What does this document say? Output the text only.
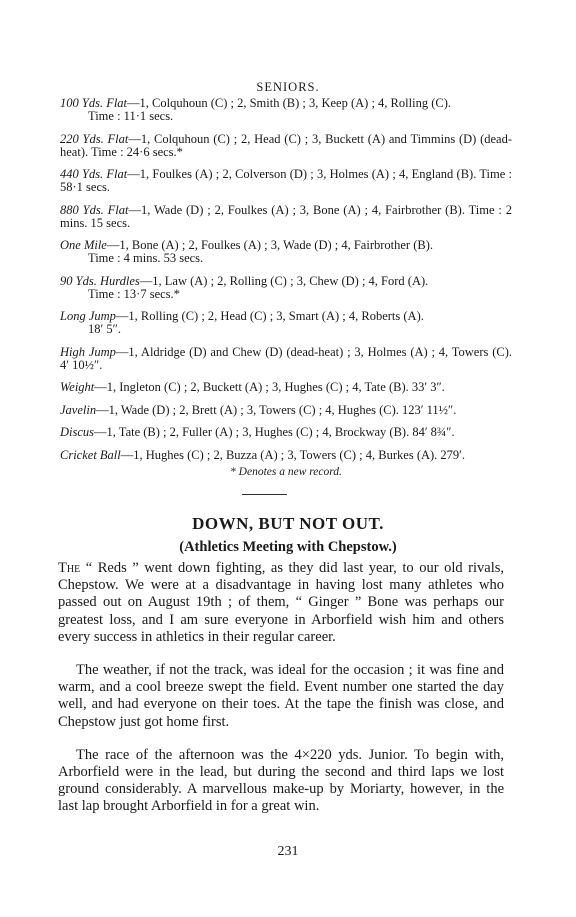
SENIORS.
100 Yds. Flat—1, Colquhoun (C) ; 2, Smith (B) ; 3, Keep (A) ; 4, Rolling (C).
Time : 11·1 secs.
220 Yds. Flat—1, Colquhoun (C) ; 2, Head (C) ; 3, Buckett (A) and Timmins (D) (dead-heat). Time : 24·6 secs.*
440 Yds. Flat—1, Foulkes (A) ; 2, Colverson (D) ; 3, Holmes (A) ; 4, England (B). Time : 58·1 secs.
880 Yds. Flat—1, Wade (D) ; 2, Foulkes (A) ; 3, Bone (A) ; 4, Fairbrother (B). Time : 2 mins. 15 secs.
One Mile—1, Bone (A) ; 2, Foulkes (A) ; 3, Wade (D) ; 4, Fairbrother (B).
Time : 4 mins. 53 secs.
90 Yds. Hurdles—1, Law (A) ; 2, Rolling (C) ; 3, Chew (D) ; 4, Ford (A).
Time : 13·7 secs.*
Long Jump—1, Rolling (C) ; 2, Head (C) ; 3, Smart (A) ; 4, Roberts (A).
18′ 5″.
High Jump—1, Aldridge (D) and Chew (D) (dead-heat) ; 3, Holmes (A) ; 4, Towers (C). 4′ 10½″.
Weight—1, Ingleton (C) ; 2, Buckett (A) ; 3, Hughes (C) ; 4, Tate (B). 33′ 3″.
Javelin—1, Wade (D) ; 2, Brett (A) ; 3, Towers (C) ; 4, Hughes (C). 123′ 11½″.
Discus—1, Tate (B) ; 2, Fuller (A) ; 3, Hughes (C) ; 4, Brockway (B). 84′ 8¾″.
Cricket Ball—1, Hughes (C) ; 2, Buzza (A) ; 3, Towers (C) ; 4, Burkes (A). 279′.
* Denotes a new record.
DOWN, BUT NOT OUT.
(Athletics Meeting with Chepstow.)

The “ Reds ” went down fighting, as they did last year, to our old rivals, Chepstow. We were at a disadvantage in having lost many athletes who passed out on August 19th ; of them, “ Ginger ” Bone was perhaps our greatest loss, and I am sure everyone in Arborfield wish him and others every success in athletics in their regular career.

The weather, if not the track, was ideal for the occasion ; it was fine and warm, and a cool breeze swept the field. Event number one started the day well, and had everyone on their toes. At the tape the finish was close, and Chepstow just got home first.

The race of the afternoon was the 4×220 yds. Junior. To begin with, Arborfield were in the lead, but during the second and third laps we lost ground considerably. A marvellous make-up by Moriarty, however, in the last lap brought Arborfield in for a great win.

231
